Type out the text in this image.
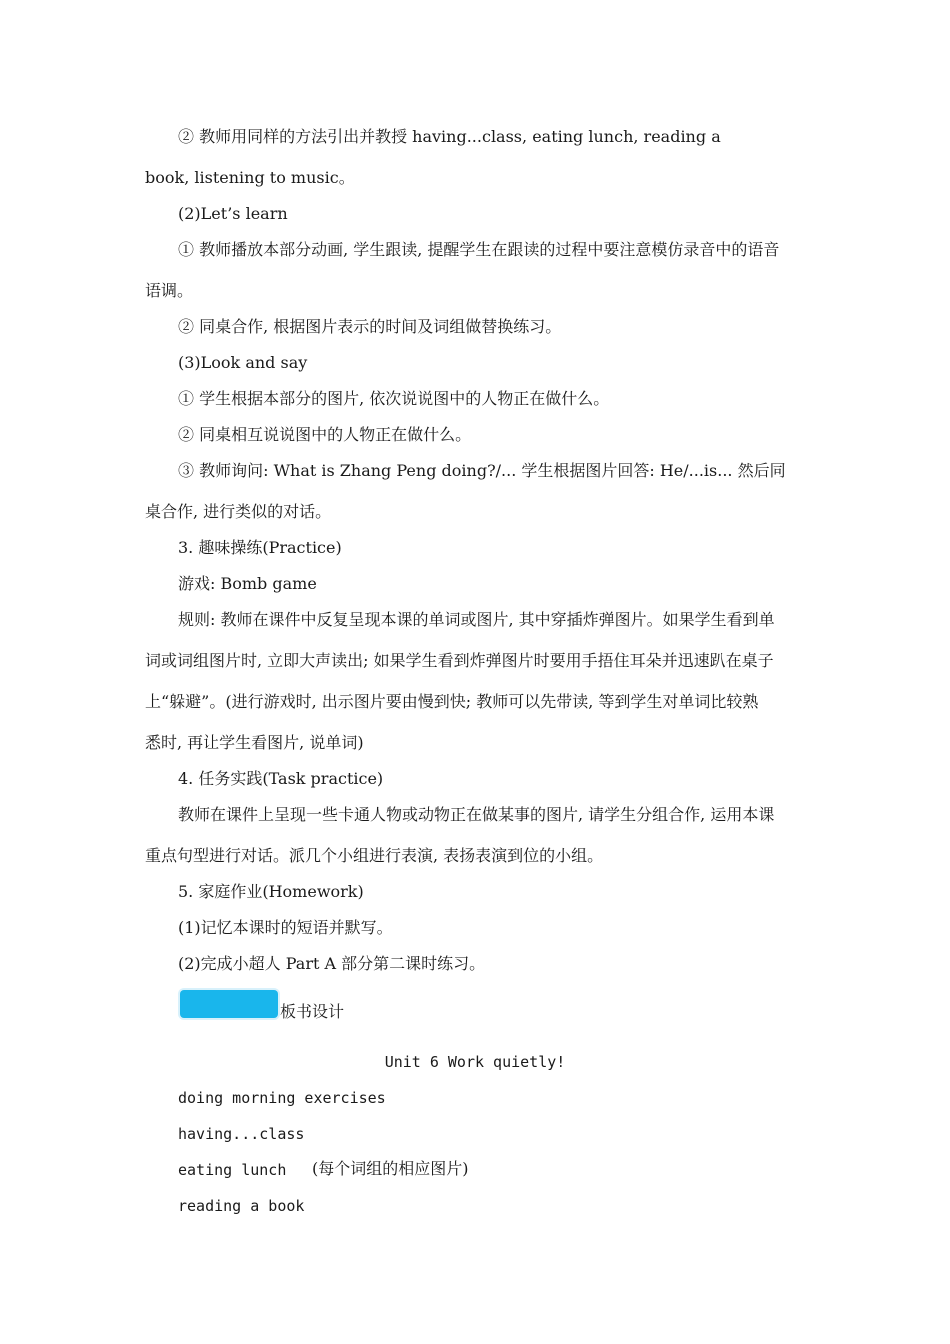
② 教师用同样的方法引出并教授 having...class, eating lunch, reading a
book, listening to music。
(2)Let’s learn
① 教师播放本部分动画, 学生跟读, 提醒学生在跟读的过程中要注意模仿录音中的语音
语调。
② 同桌合作, 根据图片表示的时间及词组做替换练习。
(3)Look and say
① 学生根据本部分的图片, 依次说说图中的人物正在做什么。
② 同桌相互说说图中的人物正在做什么。
③ 教师询问: What is Zhang Peng doing?/... 学生根据图片回答: He/...is... 然后同
桌合作, 进行类似的对话。
3. 趣味操练(Practice)
游戏: Bomb game
规则: 教师在课件中反复呈现本课的单词或图片, 其中穿插炸弹图片。如果学生看到单
词或词组图片时, 立即大声读出; 如果学生看到炸弹图片时要用手捂住耳朵并迅速趴在桌子
上“躲避”。(进行游戏时, 出示图片要由慢到快; 教师可以先带读, 等到学生对单词比较熟
悉时, 再让学生看图片, 说单词)
4. 任务实践(Task practice)
教师在课件上呈现一些卡通人物或动物正在做某事的图片, 请学生分组合作, 运用本课
重点句型进行对话。派几个小组进行表演, 表扬表演到位的小组。
5. 家庭作业(Homework)
(1)记忆本课时的短语并默写。
(2)完成小超人 Part A 部分第二课时练习。
板书设计
Unit 6 Work quietly!
doing morning exercises
having...class
eating lunch (每个词组的相应图片)
reading a book
